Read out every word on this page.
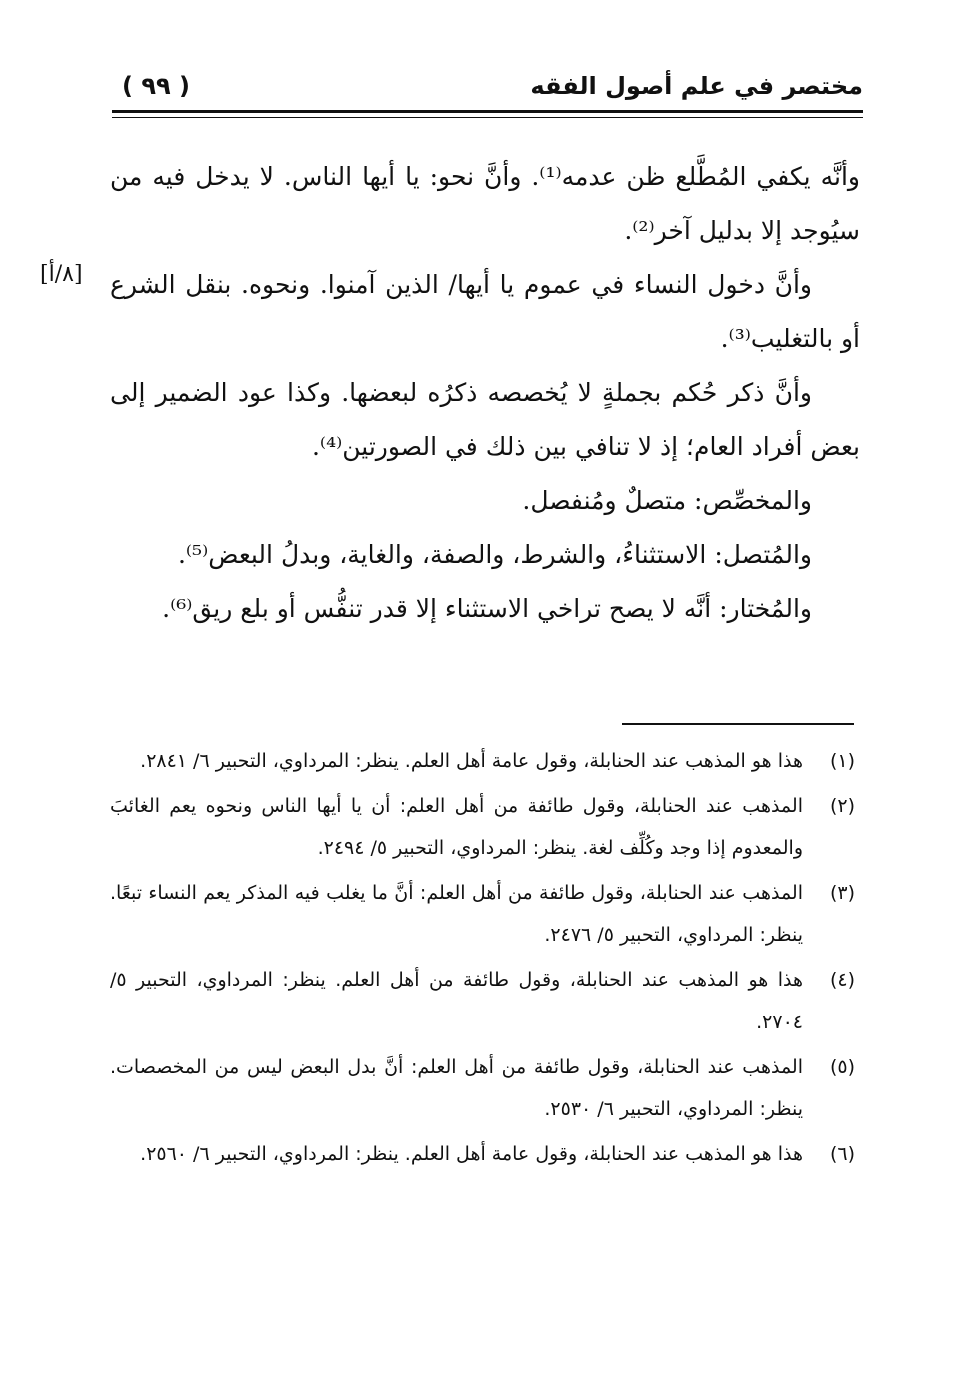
مختصر في علم أصول الفقه
( ٩٩ )
[٨/أ]

وأنَّه يكفي المُطَّلع ظن عدمه⁽¹⁾. وأنَّ نحو: يا أيها الناس. لا يدخل فيه من سيُوجد إلا بدليل آخر⁽²⁾.

وأنَّ دخول النساء في عموم يا أيها/ الذين آمنوا. ونحوه. بنقل الشرع أو بالتغليب⁽³⁾.

وأنَّ ذكر حُكم بجملةٍ لا يُخصصه ذكرُه لبعضها. وكذا عود الضمير إلى بعض أفراد العام؛ إذ لا تنافي بين ذلك في الصورتين⁽⁴⁾.

والمخصِّص: متصلٌ ومُنفصل.

والمُتصل: الاستثناءُ، والشرط، والصفة، والغاية، وبدلُ البعض⁽⁵⁾.

والمُختار: أنَّه لا يصح تراخي الاستثناء إلا قدر تنفُّس أو بلع ريق⁽⁶⁾.

(١)
هذا هو المذهب عند الحنابلة، وقول عامة أهل العلم. ينظر: المرداوي، التحبير ٦/ ٢٨٤١.
(٢)
المذهب عند الحنابلة، وقول طائفة من أهل العلم: أن يا أيها الناس ونحوه يعم الغائبَ والمعدوم إذا وجد وكُلِّف لغة. ينظر: المرداوي، التحبير ٥/ ٢٤٩٤.
(٣)
المذهب عند الحنابلة، وقول طائفة من أهل العلم: أنَّ ما يغلب فيه المذكر يعم النساء تبعًا. ينظر: المرداوي، التحبير ٥/ ٢٤٧٦.
(٤)
هذا هو المذهب عند الحنابلة، وقول طائفة من أهل العلم. ينظر: المرداوي، التحبير ٥/ ٢٧٠٤.
(٥)
المذهب عند الحنابلة، وقول طائفة من أهل العلم: أنَّ بدل البعض ليس من المخصصات. ينظر: المرداوي، التحبير ٦/ ٢٥٣٠.
(٦)
هذا هو المذهب عند الحنابلة، وقول عامة أهل العلم. ينظر: المرداوي، التحبير ٦/ ٢٥٦٠.
